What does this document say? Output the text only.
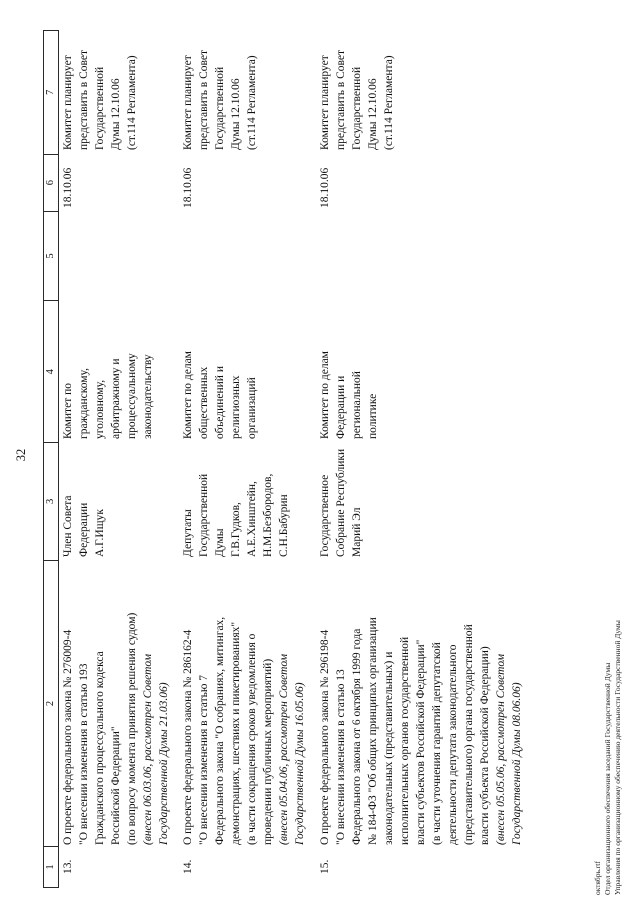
32
1
2
3
4
5
6
7
13.
О проекте федерального закона № 276009-4 "О внесении изменения в статью 193 Гражданского процессуального кодекса Российской Федерации" (по вопросу момента принятия решения судом) (внесен 06.03.06, рассмотрен Советом Государственной Думы 21.03.06)
Член Совета Федерации А.Г.Ищук
Комитет по гражданскому, уголовному, арбитражному и процессуальному законодательству
18.10.06
Комитет планирует представить в Совет Государственной Думы 12.10.06 (ст.114 Регламента)
14.
О проекте федерального закона № 286162-4 "О внесении изменения в статью 7 Федерального закона "О собраниях, митингах, демонстрациях, шествиях и пикетированиях" (в части сокращения сроков уведомления о проведении публичных мероприятий) (внесен 05.04.06, рассмотрен Советом Государственной Думы 16.05.06)
Депутаты Государственной Думы Г.В.Гудков, А.Е.Хинштейн, Н.М.Безбородов, С.Н.Бабурин
Комитет по делам общественных объединений и религиозных организаций
18.10.06
Комитет планирует представить в Совет Государственной Думы 12.10.06 (ст.114 Регламента)
15.
О проекте федерального закона № 296198-4 "О внесении изменения в статью 13 Федерального закона от 6 октября 1999 года № 184-ФЗ "Об общих принципах организации законодательных (представительных) и исполнительных органов государственной власти субъектов Российской Федерации" (в части уточнения гарантий депутатской деятельности депутата законодательного (представительного) органа государственной власти субъекта Российской Федерации) (внесен 05.05.06, рассмотрен Советом Государственной Думы 08.06.06)
Государственное Собрание Республики Марий Эл
Комитет по делам Федерации и региональной политике
18.10.06
Комитет планирует представить в Совет Государственной Думы 12.10.06 (ст.114 Регламента)
октябрь.rtf Отдел организационного обеспечения заседаний Государственной Думы Управления по организационному обеспечению деятельности Государственной Думы
